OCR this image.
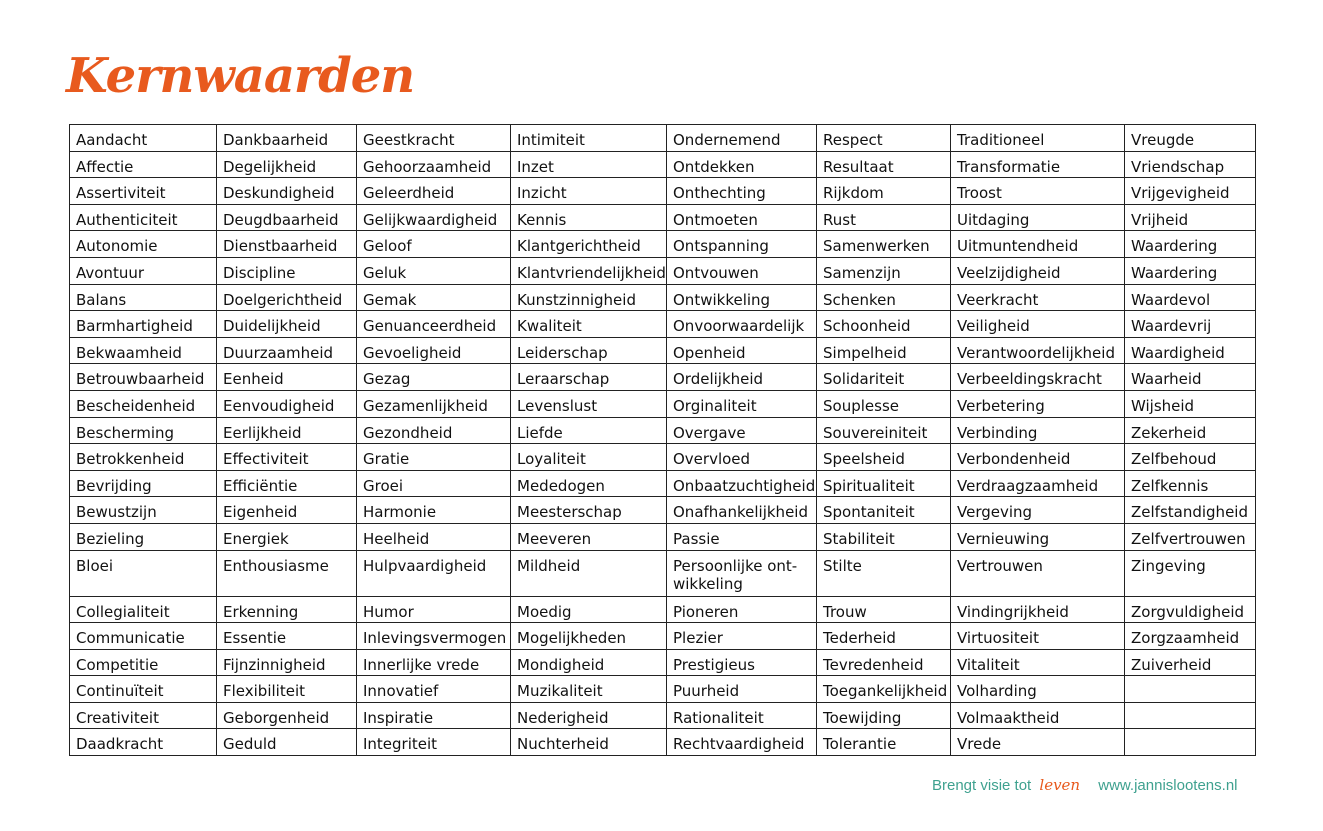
Kernwaarden
Aandacht	Dankbaarheid	Geestkracht	Intimiteit	Ondernemend	Respect	Traditioneel	Vreugde
Affectie	Degelijkheid	Gehoorzaamheid	Inzet	Ontdekken	Resultaat	Transformatie	Vriendschap
Assertiviteit	Deskundigheid	Geleerdheid	Inzicht	Onthechting	Rijkdom	Troost	Vrijgevigheid
Authenticiteit	Deugdbaarheid	Gelijkwaardigheid	Kennis	Ontmoeten	Rust	Uitdaging	Vrijheid
Autonomie	Dienstbaarheid	Geloof	Klantgerichtheid	Ontspanning	Samenwerken	Uitmuntendheid	Waardering
Avontuur	Discipline	Geluk	Klantvriendelijkheid	Ontvouwen	Samenzijn	Veelzijdigheid	Waardering
Balans	Doelgerichtheid	Gemak	Kunstzinnigheid	Ontwikkeling	Schenken	Veerkracht	Waardevol
Barmhartigheid	Duidelijkheid	Genuanceerdheid	Kwaliteit	Onvoorwaardelijk	Schoonheid	Veiligheid	Waardevrij
Bekwaamheid	Duurzaamheid	Gevoeligheid	Leiderschap	Openheid	Simpelheid	Verantwoordelijkheid	Waardigheid
Betrouwbaarheid	Eenheid	Gezag	Leraarschap	Ordelijkheid	Solidariteit	Verbeeldingskracht	Waarheid
Bescheidenheid	Eenvoudigheid	Gezamenlijkheid	Levenslust	Orginaliteit	Souplesse	Verbetering	Wijsheid
Bescherming	Eerlijkheid	Gezondheid	Liefde	Overgave	Souvereiniteit	Verbinding	Zekerheid
Betrokkenheid	Effectiviteit	Gratie	Loyaliteit	Overvloed	Speelsheid	Verbondenheid	Zelfbehoud
Bevrijding	Efficiëntie	Groei	Mededogen	Onbaatzuchtigheid	Spiritualiteit	Verdraagzaamheid	Zelfkennis
Bewustzijn	Eigenheid	Harmonie	Meesterschap	Onafhankelijkheid	Spontaniteit	Vergeving	Zelfstandigheid
Bezieling	Energiek	Heelheid	Meeveren	Passie	Stabiliteit	Vernieuwing	Zelfvertrouwen
Bloei	Enthousiasme	Hulpvaardigheid	Mildheid	Persoonlijke ont-wikkeling	Stilte	Vertrouwen	Zingeving
Collegialiteit	Erkenning	Humor	Moedig	Pioneren	Trouw	Vindingrijkheid	Zorgvuldigheid
Communicatie	Essentie	Inlevingsvermogen	Mogelijkheden	Plezier	Tederheid	Virtuositeit	Zorgzaamheid
Competitie	Fijnzinnigheid	Innerlijke vrede	Mondigheid	Prestigieus	Tevredenheid	Vitaliteit	Zuiverheid
Continuïteit	Flexibiliteit	Innovatief	Muzikaliteit	Puurheid	Toegankelijkheid	Volharding	
Creativiteit	Geborgenheid	Inspiratie	Nederigheid	Rationaliteit	Toewijding	Volmaaktheid	
Daadkracht	Geduld	Integriteit	Nuchterheid	Rechtvaardigheid	Tolerantie	Vrede	
Brengt visie tot leven www.jannislootens.nl
